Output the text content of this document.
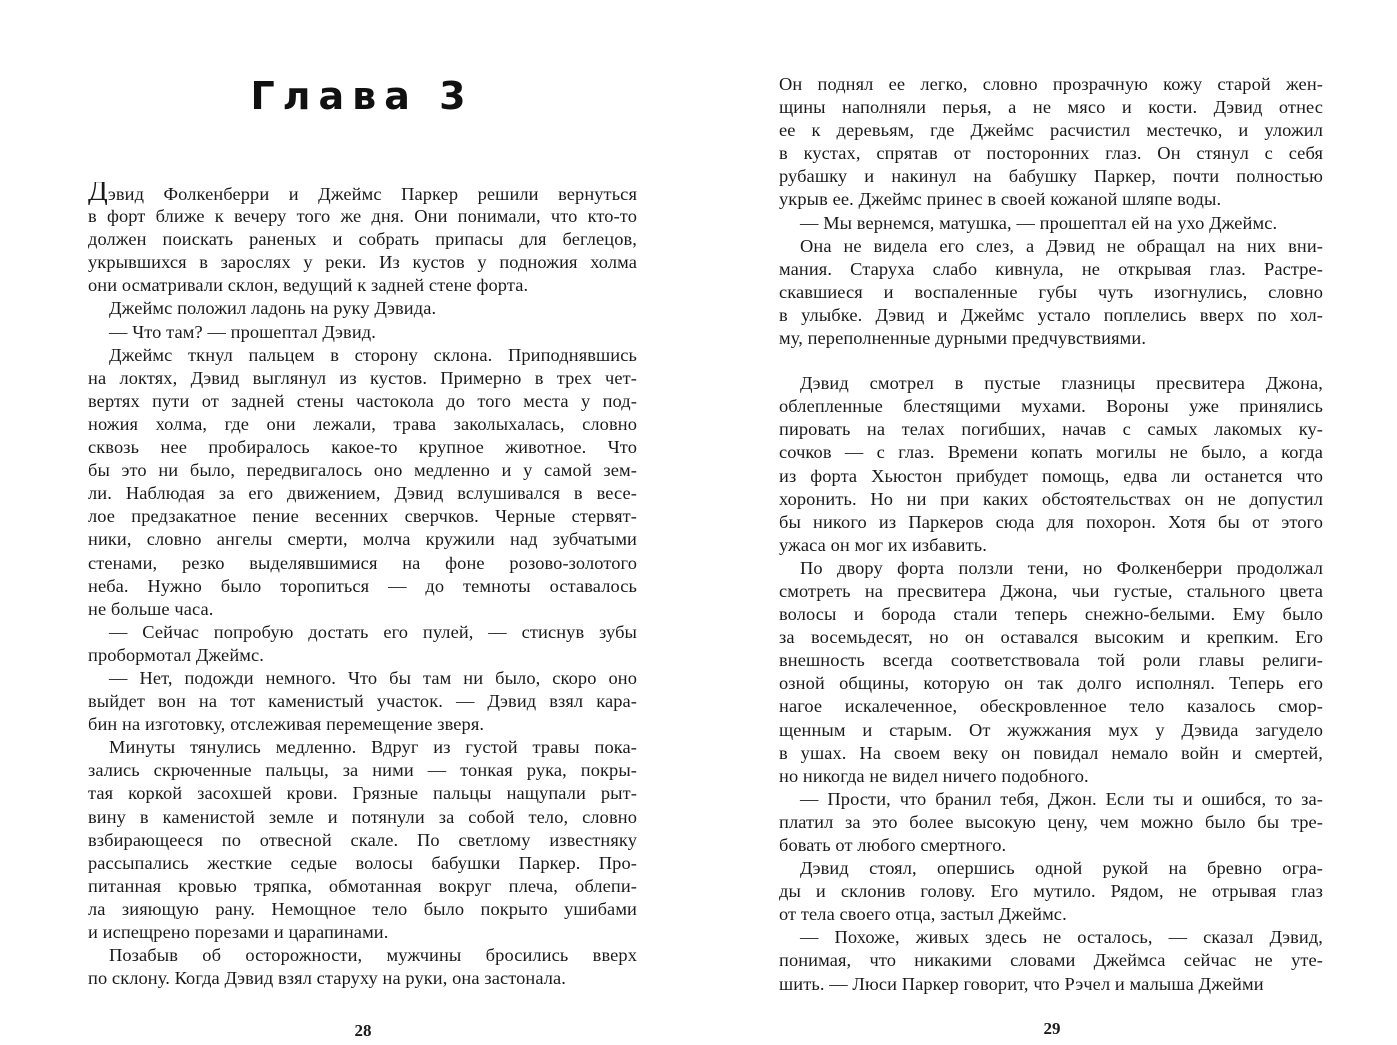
Глава 3
Дэвид Фолкенберри и Джеймс Паркер решили вернуться
в форт ближе к вечеру того же дня. Они понимали, что кто-то
должен поискать раненых и собрать припасы для беглецов,
укрывшихся в зарослях у реки. Из кустов у подножия холма
они осматривали склон, ведущий к задней стене форта.
Джеймс положил ладонь на руку Дэвида.
— Что там? — прошептал Дэвид.
Джеймс ткнул пальцем в сторону склона. Приподнявшись
на локтях, Дэвид выглянул из кустов. Примерно в трех чет-
вертях пути от задней стены частокола до того места у под-
ножия холма, где они лежали, трава заколыхалась, словно
сквозь нее пробиралось какое-то крупное животное. Что
бы это ни было, передвигалось оно медленно и у самой зем-
ли. Наблюдая за его движением, Дэвид вслушивался в весе-
лое предзакатное пение весенних сверчков. Черные стервят-
ники, словно ангелы смерти, молча кружили над зубчатыми
стенами, резко выделявшимися на фоне розово-золотого
неба. Нужно было торопиться — до темноты оставалось
не больше часа.
— Сейчас попробую достать его пулей, — стиснув зубы
пробормотал Джеймс.
— Нет, подожди немного. Что бы там ни было, скоро оно
выйдет вон на тот каменистый участок. — Дэвид взял кара-
бин на изготовку, отслеживая перемещение зверя.
Минуты тянулись медленно. Вдруг из густой травы пока-
зались скрюченные пальцы, за ними — тонкая рука, покры-
тая коркой засохшей крови. Грязные пальцы нащупали рыт-
вину в каменистой земле и потянули за собой тело, словно
взбирающееся по отвесной скале. По светлому известняку
рассыпались жесткие седые волосы бабушки Паркер. Про-
питанная кровью тряпка, обмотанная вокруг плеча, облепи-
ла зияющую рану. Немощное тело было покрыто ушибами
и испещрено порезами и царапинами.
Позабыв об осторожности, мужчины бросились вверх
по склону. Когда Дэвид взял старуху на руки, она застонала.
28
Он поднял ее легко, словно прозрачную кожу старой жен-
щины наполняли перья, а не мясо и кости. Дэвид отнес
ее к деревьям, где Джеймс расчистил местечко, и уложил
в кустах, спрятав от посторонних глаз. Он стянул с себя
рубашку и накинул на бабушку Паркер, почти полностью
укрыв ее. Джеймс принес в своей кожаной шляпе воды.
— Мы вернемся, матушка, — прошептал ей на ухо Джеймс.
Она не видела его слез, а Дэвид не обращал на них вни-
мания. Старуха слабо кивнула, не открывая глаз. Растре-
скавшиеся и воспаленные губы чуть изогнулись, словно
в улыбке. Дэвид и Джеймс устало поплелись вверх по хол-
му, переполненные дурными предчувствиями.
Дэвид смотрел в пустые глазницы пресвитера Джона,
облепленные блестящими мухами. Вороны уже принялись
пировать на телах погибших, начав с самых лакомых ку-
сочков — с глаз. Времени копать могилы не было, а когда
из форта Хьюстон прибудет помощь, едва ли останется что
хоронить. Но ни при каких обстоятельствах он не допустил
бы никого из Паркеров сюда для похорон. Хотя бы от этого
ужаса он мог их избавить.
По двору форта ползли тени, но Фолкенберри продолжал
смотреть на пресвитера Джона, чьи густые, стального цвета
волосы и борода стали теперь снежно-белыми. Ему было
за восемьдесят, но он оставался высоким и крепким. Его
внешность всегда соответствовала той роли главы религи-
озной общины, которую он так долго исполнял. Теперь его
нагое искалеченное, обескровленное тело казалось смор-
щенным и старым. От жужжания мух у Дэвида загудело
в ушах. На своем веку он повидал немало войн и смертей,
но никогда не видел ничего подобного.
— Прости, что бранил тебя, Джон. Если ты и ошибся, то за-
платил за это более высокую цену, чем можно было бы тре-
бовать от любого смертного.
Дэвид стоял, опершись одной рукой на бревно огра-
ды и склонив голову. Его мутило. Рядом, не отрывая глаз
от тела своего отца, застыл Джеймс.
— Похоже, живых здесь не осталось, — сказал Дэвид,
понимая, что никакими словами Джеймса сейчас не уте-
шить. — Люси Паркер говорит, что Рэчел и малыша Джейми
29
